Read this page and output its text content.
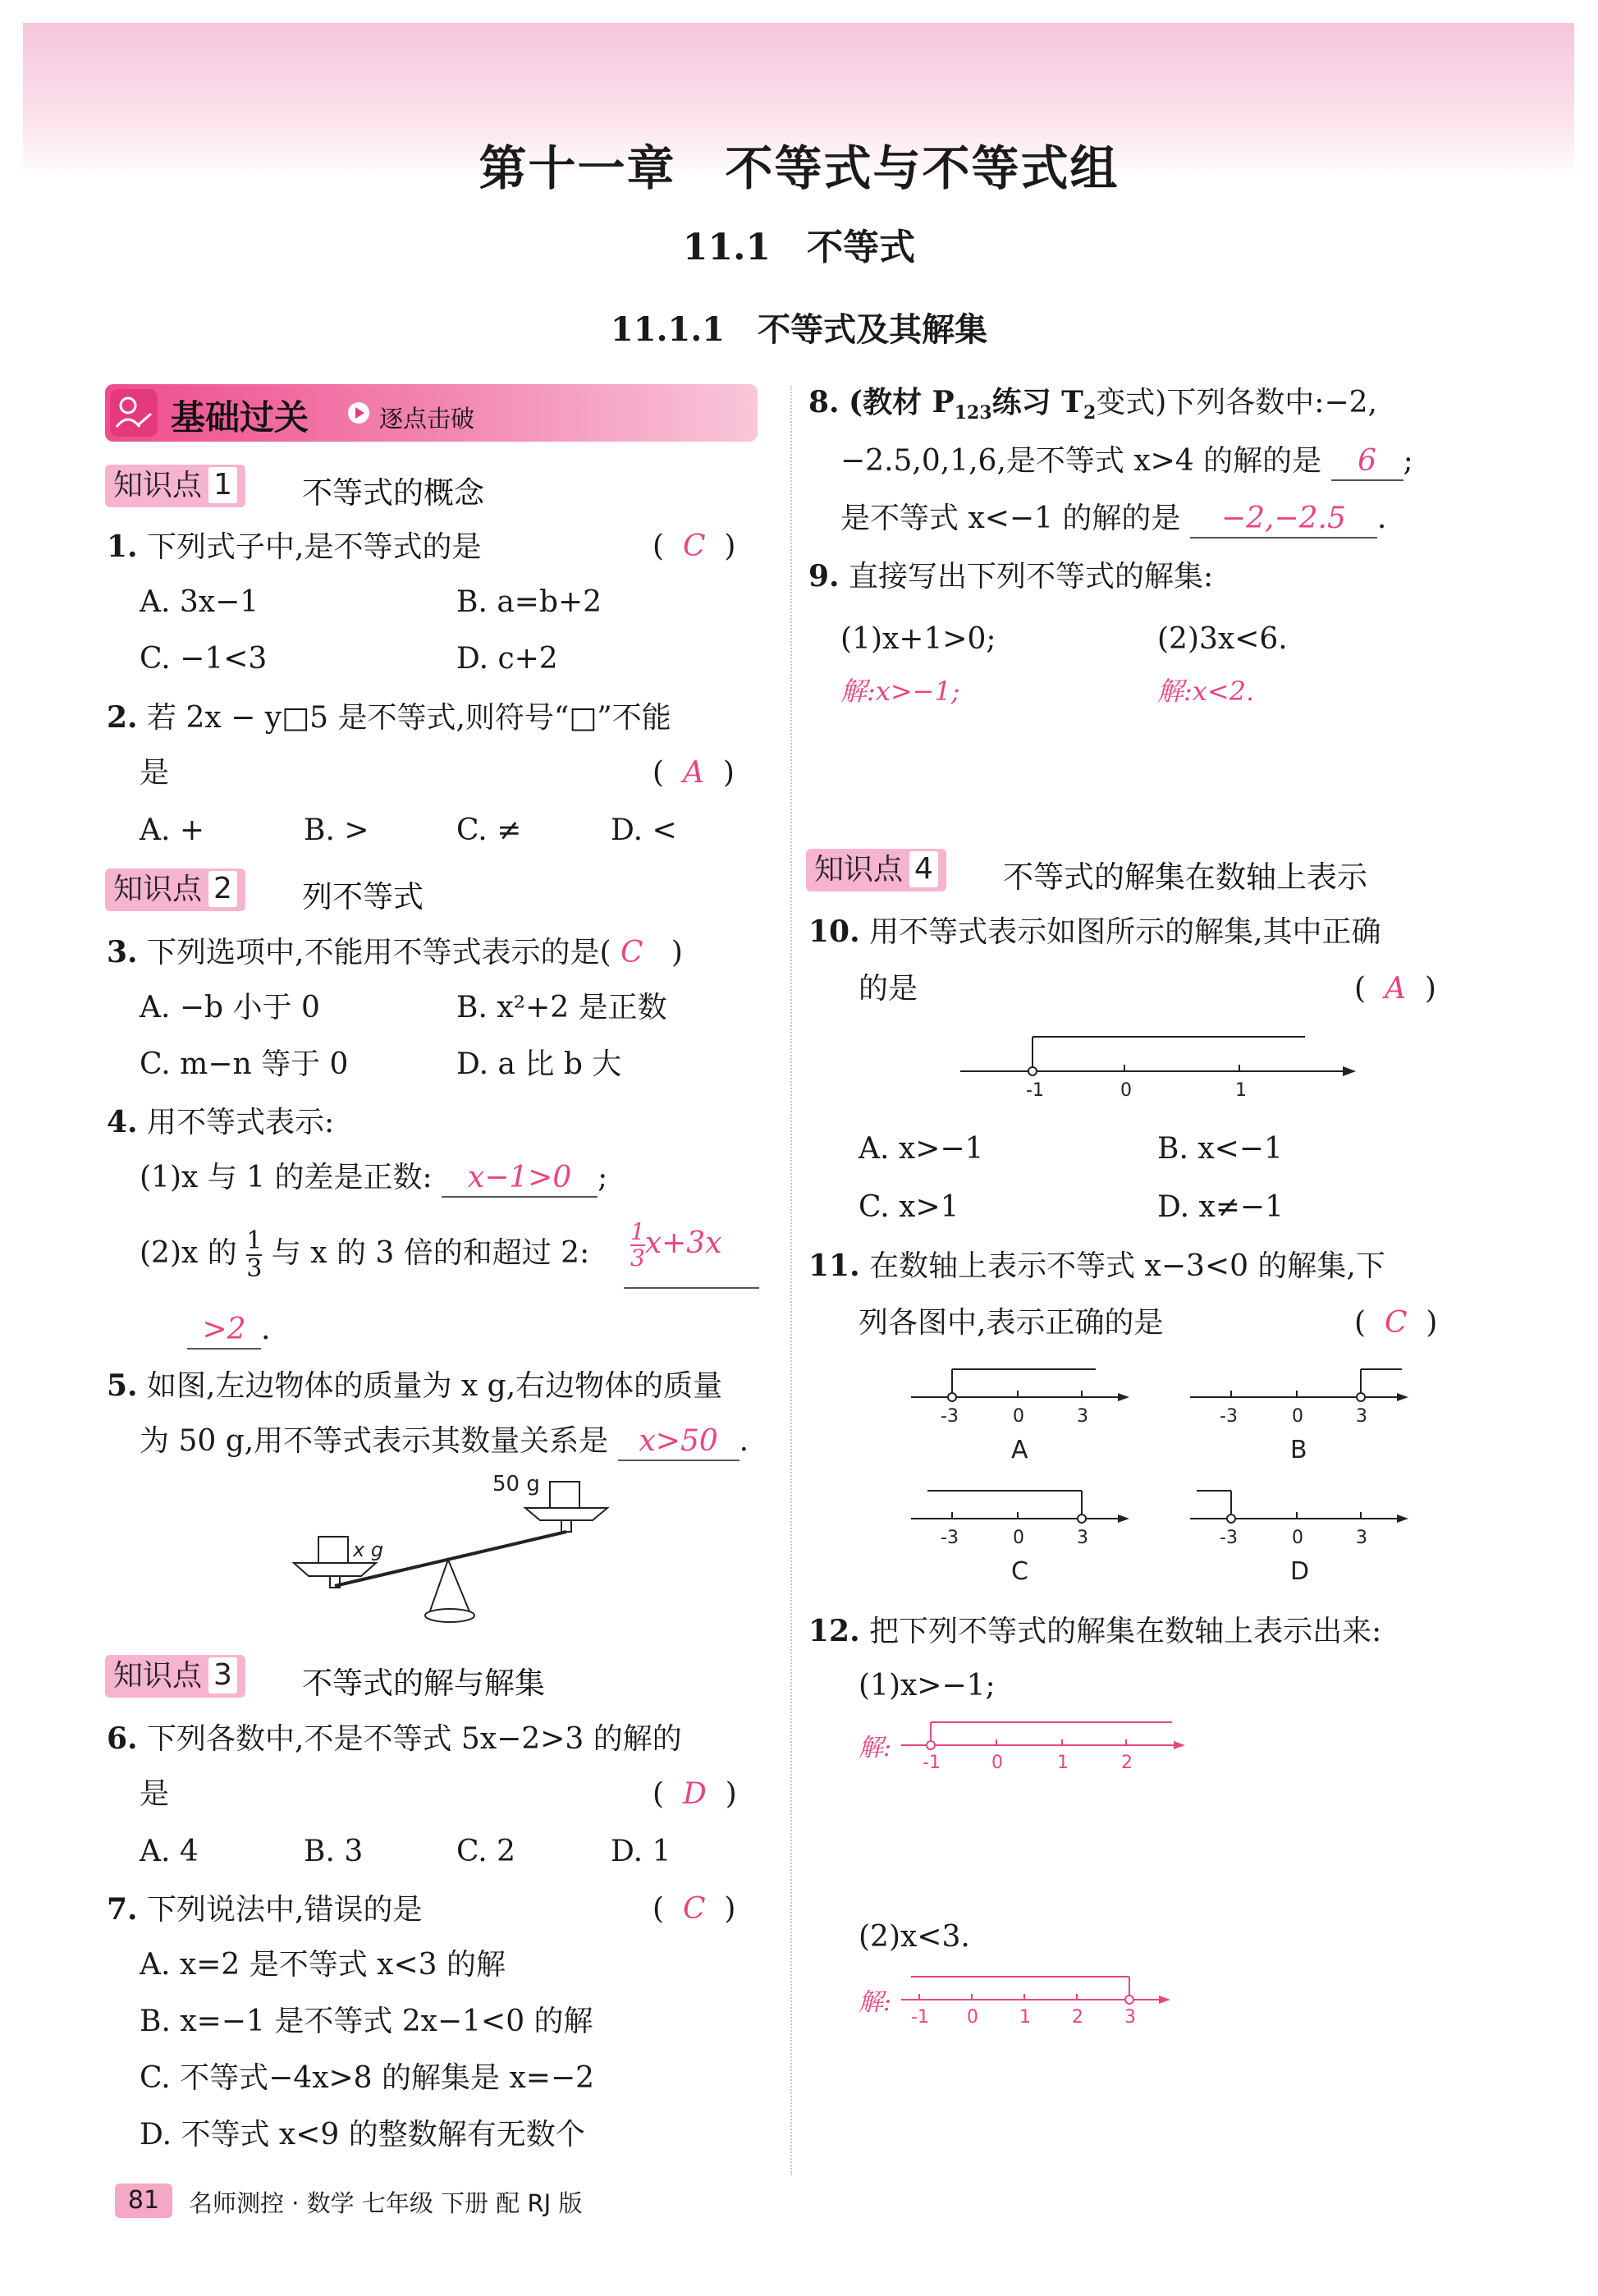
第十一章　不等式与不等式组
11.1　不等式
11.1.1　不等式及其解集
基础过关	逐点击破
知识点 1	不等式的概念
1. 下列式子中,是不等式的是	(  C  )
A. 3x−1	B. a=b+2
C. −1<3	D. c+2
2. 若 2x − y□5 是不等式,则符号“□”不能
是	(  A  )
A. +	B. >	C. ≠	D. <
知识点 2	列不等式
3. 下列选项中,不能用不等式表示的是( C   )
A. −b 小于 0	B. x²+2 是正数
C. m−n 等于 0	D. a 比 b 大
4. 用不等式表示:
(1)x 与 1 的差是正数: x−1>0 ;
(2)x 的 $\frac{1}{3}$ 与 x 的 3 倍的和超过 2: $\frac{1}{3} x+3x$
>2 .
5. 如图,左边物体的质量为 x g,右边物体的质量
为 50 g,用不等式表示其数量关系是 x>50 .
50 g
x g
知识点 3	不等式的解与解集
6. 下列各数中,不是不等式 5x−2>3 的解的
是	(  D  )
A. 4	B. 3	C. 2	D. 1
7. 下列说法中,错误的是	(  C  )
A. x=2 是不等式 x<3 的解
B. x=−1 是不等式 2x−1<0 的解
C. 不等式−4x>8 的解集是 x=−2
D. 不等式 x<9 的整数解有无数个
8. (教材 $P_{123}$练习 $T_2$变式)下列各数中:−2,
−2.5,0,1,6,是不等式 x>4 的解的是 6 ;
是不等式 x<−1 的解的是 −2,−2.5 .
9. 直接写出下列不等式的解集:
(1)x+1>0;	(2)3x<6.
解:x>−1;	解:x<2.
知识点 4	不等式的解集在数轴上表示
10. 用不等式表示如图所示的解集,其中正确
的是	(  A  )
-1	0	1
A. x>−1	B. x<−1
C. x>1	D. x≠−1
11. 在数轴上表示不等式 x−3<0 的解集,下
列各图中,表示正确的是	(  C  )
-3	0	3
A
-3	0	3
B
-3	0	3
C
-3	0	3
D
12. 把下列不等式的解集在数轴上表示出来:
(1)x>−1;
解:
-1	0	1	2
(2)x<3.
解:
-1 0 1 2 3
81	名师测控 · 数学 七年级 下册 配 RJ 版
